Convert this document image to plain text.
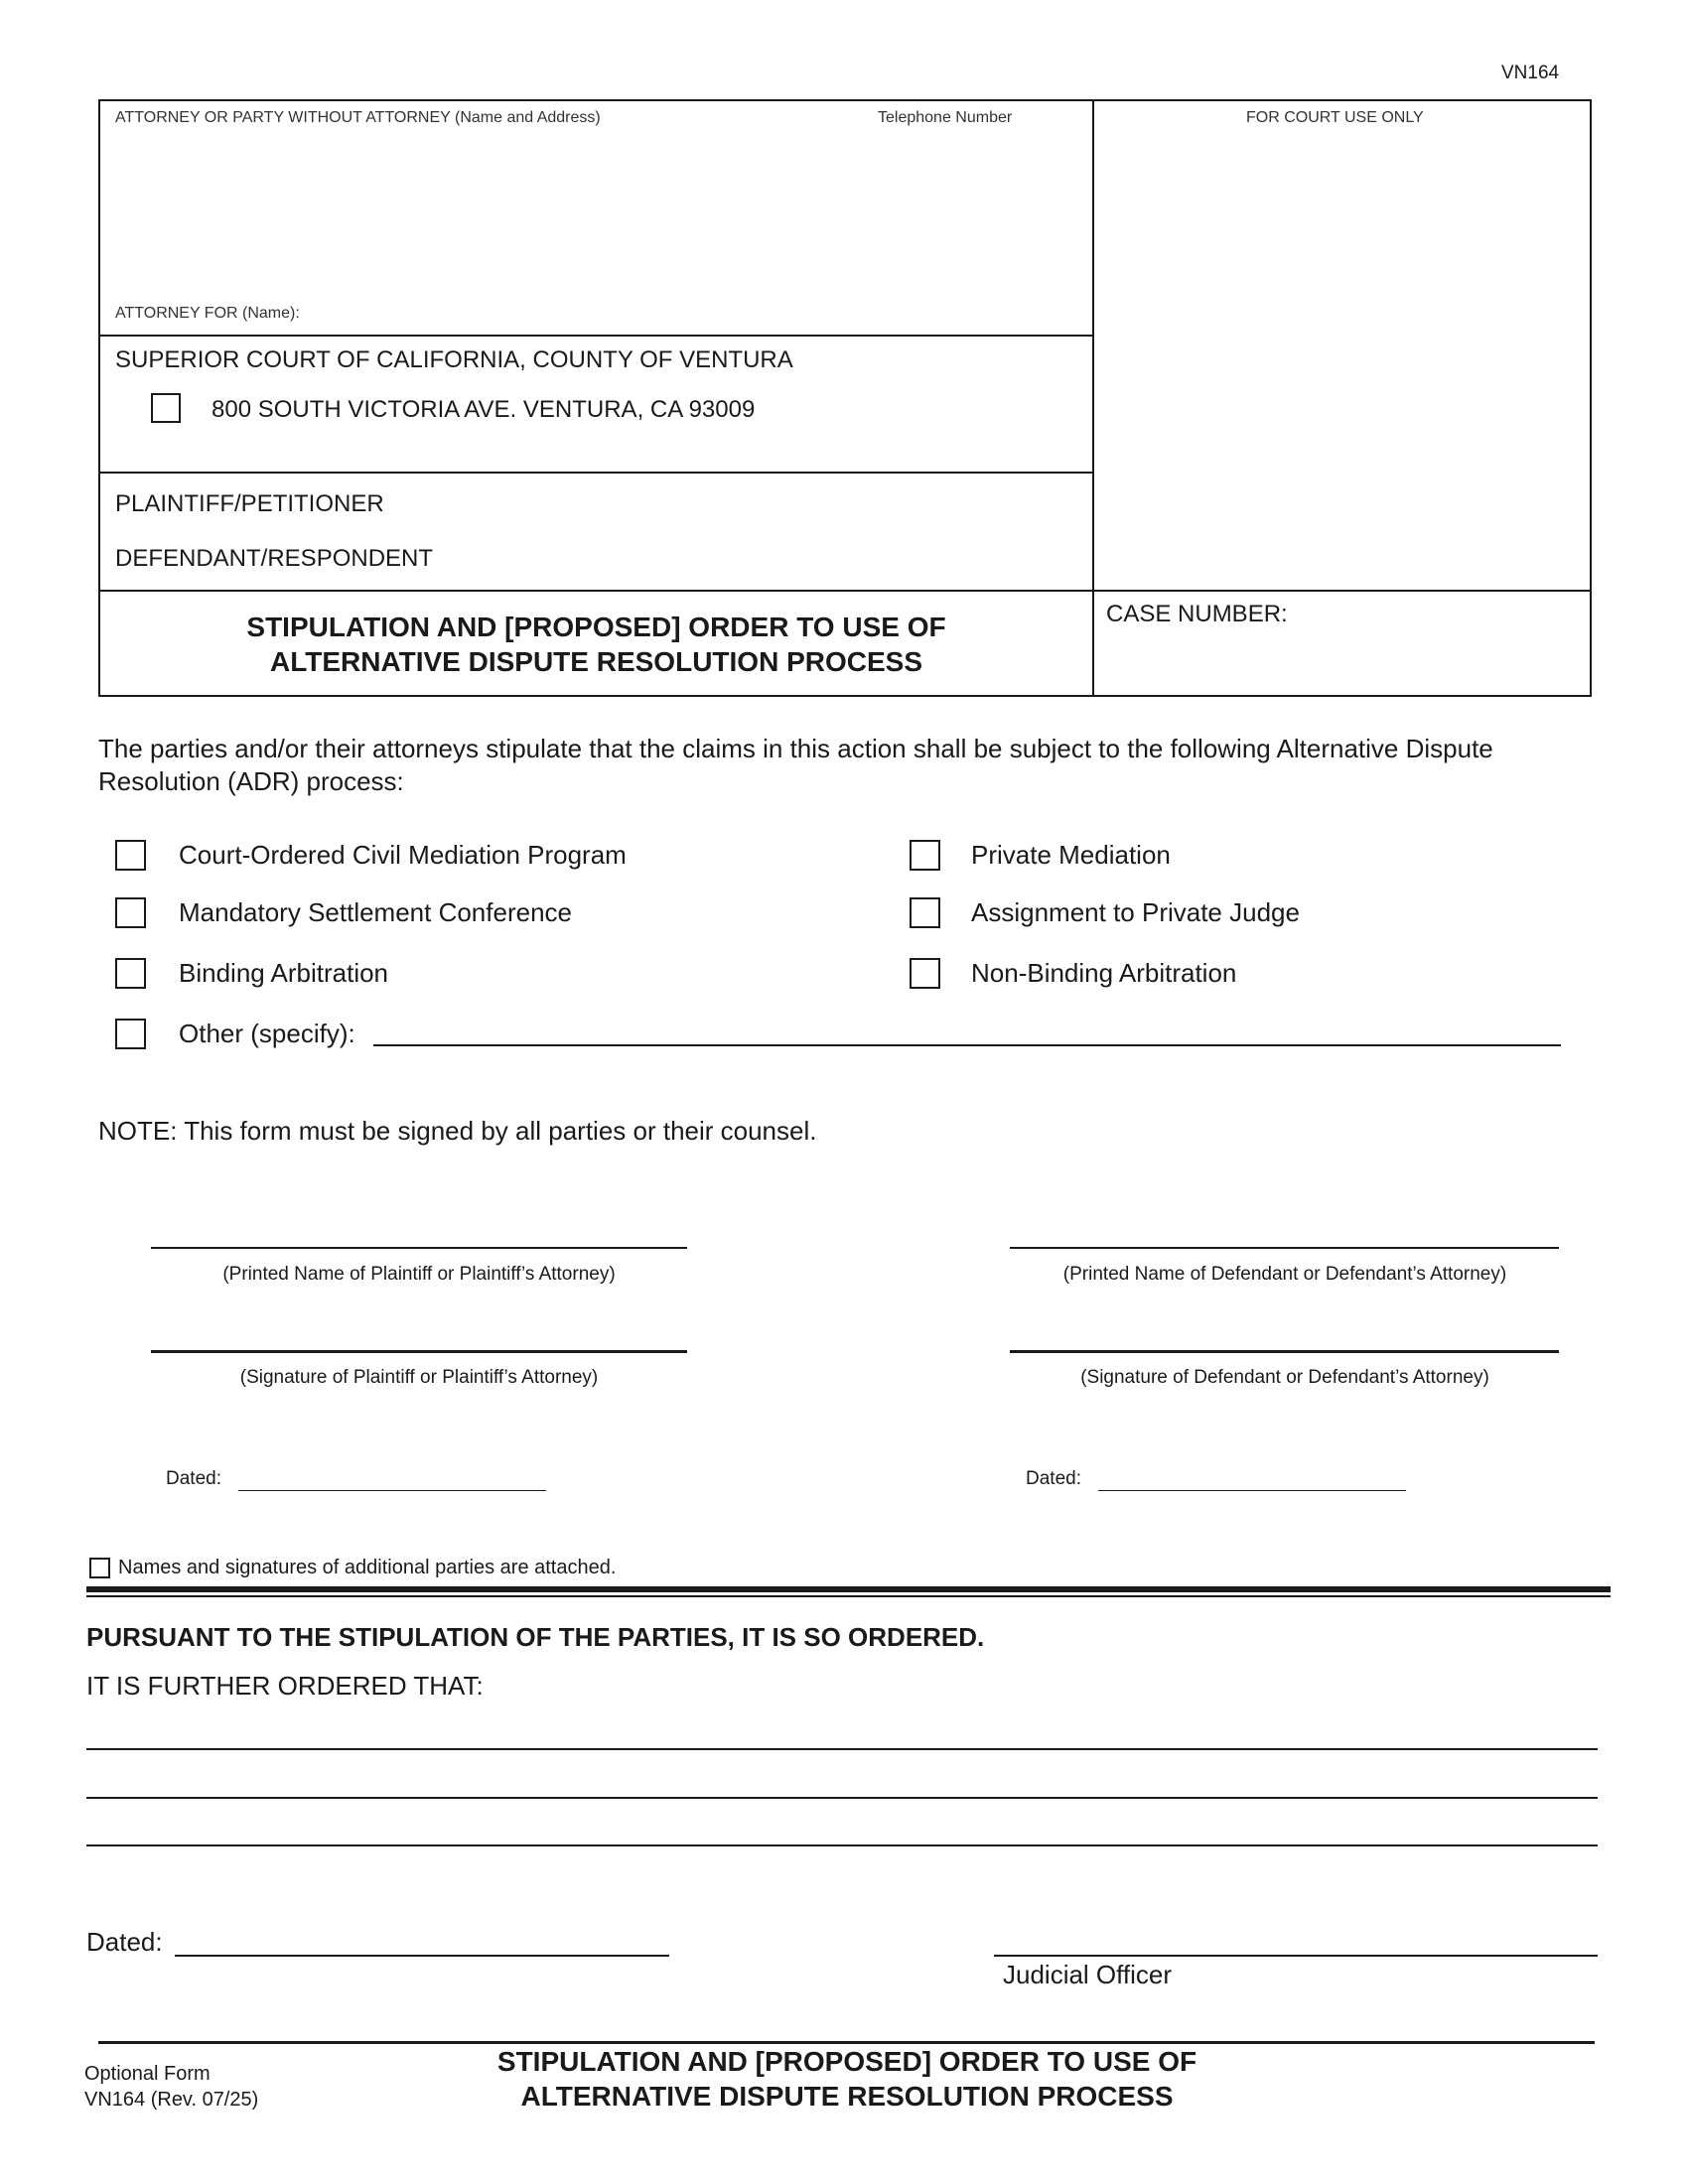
VN164
ATTORNEY OR PARTY WITHOUT ATTORNEY (Name and Address)	Telephone Number	FOR COURT USE ONLY
ATTORNEY FOR (Name):
SUPERIOR COURT OF CALIFORNIA, COUNTY OF VENTURA
800 SOUTH VICTORIA AVE. VENTURA, CA 93009
PLAINTIFF/PETITIONER
DEFENDANT/RESPONDENT
STIPULATION AND [PROPOSED] ORDER TO USE OF
ALTERNATIVE DISPUTE RESOLUTION PROCESS
CASE NUMBER:
The parties and/or their attorneys stipulate that the claims in this action shall be subject to the following Alternative Dispute
Resolution (ADR) process:
Court-Ordered Civil Mediation Program	Private Mediation
Mandatory Settlement Conference	Assignment to Private Judge
Binding Arbitration	Non-Binding Arbitration
Other (specify):
NOTE: This form must be signed by all parties or their counsel.
(Printed Name of Plaintiff or Plaintiff’s Attorney)	(Printed Name of Defendant or Defendant’s Attorney)
(Signature of Plaintiff or Plaintiff’s Attorney)	(Signature of Defendant or Defendant’s Attorney)
Dated:	Dated:
Names and signatures of additional parties are attached.
PURSUANT TO THE STIPULATION OF THE PARTIES, IT IS SO ORDERED.
IT IS FURTHER ORDERED THAT:
Dated:
Judicial Officer
Optional Form
VN164 (Rev. 07/25)
STIPULATION AND [PROPOSED] ORDER TO USE OF
ALTERNATIVE DISPUTE RESOLUTION PROCESS
